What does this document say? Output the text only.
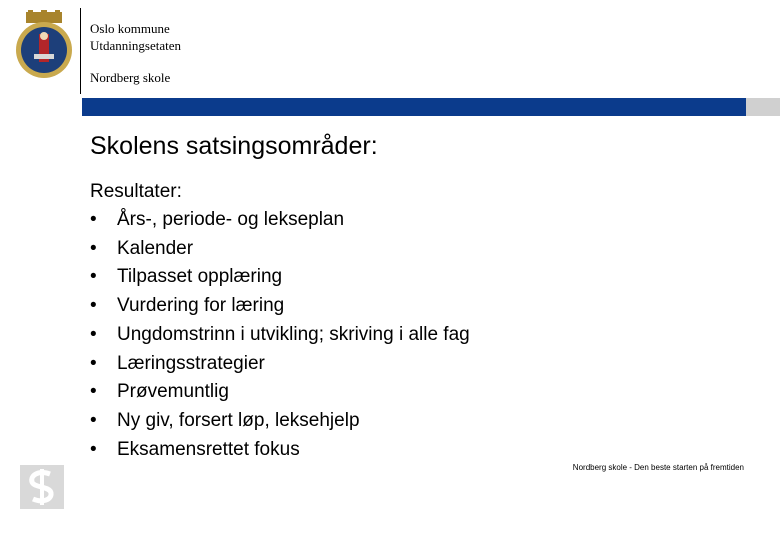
Oslo kommune
Utdanningsetaten
Nordberg skole
Skolens satsingsområder:
Resultater:
•	Års-, periode- og lekseplan
•	Kalender
•	Tilpasset opplæring
•	Vurdering for læring
•	Ungdomstrinn i utvikling; skriving i alle fag
•	Læringsstrategier
•	Prøvemuntlig
•	Ny giv, forsert løp, leksehjelp
•	Eksamensrettet fokus
Nordberg skole - Den beste starten på fremtiden
